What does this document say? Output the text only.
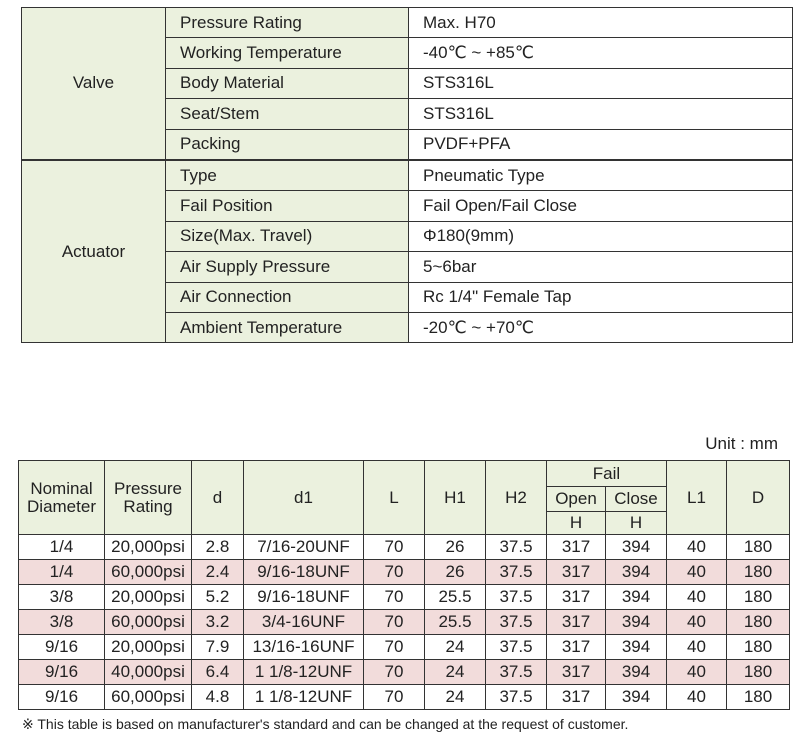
Valve	Pressure Rating	Max. H70
	Working Temperature	-40℃ ~ +85℃
	Body Material	STS316L
	Seat/Stem	STS316L
	Packing	PVDF+PFA
Actuator	Type	Pneumatic Type
	Fail Position	Fail Open/Fail Close
	Size(Max. Travel)	Φ180(9mm)
	Air Supply Pressure	5~6bar
	Air Connection	Rc 1/4" Female Tap
	Ambient Temperature	-20℃ ~ +70℃
Unit : mm
Nominal Diameter	Pressure Rating	d	d1	L	H1	H2	Fail		L1	D
							Open	Close		
							H	H		
1/4	20,000psi	2.8	7/16-20UNF	70	26	37.5	317	394	40	180
1/4	60,000psi	2.4	9/16-18UNF	70	26	37.5	317	394	40	180
3/8	20,000psi	5.2	9/16-18UNF	70	25.5	37.5	317	394	40	180
3/8	60,000psi	3.2	3/4-16UNF	70	25.5	37.5	317	394	40	180
9/16	20,000psi	7.9	13/16-16UNF	70	24	37.5	317	394	40	180
9/16	40,000psi	6.4	1 1/8-12UNF	70	24	37.5	317	394	40	180
9/16	60,000psi	4.8	1 1/8-12UNF	70	24	37.5	317	394	40	180
※ This table is based on manufacturer's standard and can be changed at the request of customer.
